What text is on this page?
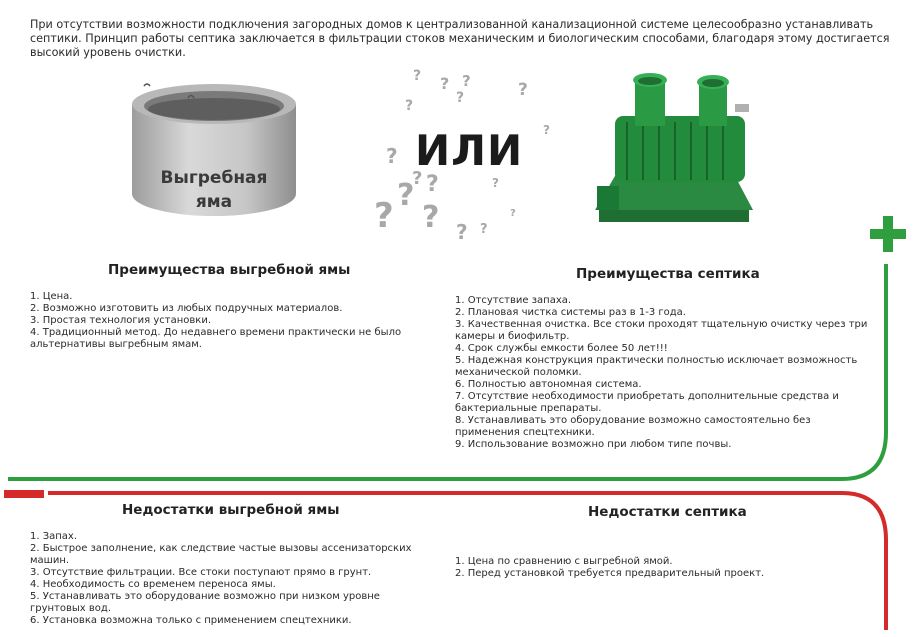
При отсутствии возможности подключения загородных домов к централизованной канализационной системе целесообразно устанавливать септики. Принцип работы септика заключается в фильтрации стоков механическим и биологическим способами, благодаря этому достигается высокий уровень очистки.
Выгребная
яма
? ? ?
?	?
?
?
?
?
? ?
? ? ? ?
?
?
ИЛИ
Преимущества выгребной ямы
1. Цена.
2. Возможно изготовить из любых подручных материалов.
3. Простая технология установки.
4. Традиционный метод. До недавнего времени практически не было альтернативы выгребным ямам.
Преимущества септика
1. Отсутствие запаха.
2. Плановая чистка системы раз в 1-3 года.
3. Качественная очистка. Все стоки проходят тщательную очистку через три камеры и биофильтр.
4. Срок службы емкости более 50 лет!!!
5. Надежная конструкция практически полностью исключает возможность механической поломки.
6. Полностью автономная система.
7. Отсутствие необходимости приобретать дополнительные средства и бактериальные препараты.
8. Устанавливать это оборудование возможно самостоятельно без применения спецтехники.
9. Использование возможно при любом типе почвы.
Недостатки выгребной ямы
1. Запах.
2. Быстрое заполнение, как следствие частые вызовы ассенизаторских машин.
3. Отсутствие фильтрации. Все стоки поступают прямо в грунт.
4. Необходимость со временем переноса ямы.
5. Устанавливать это оборудование возможно при низком уровне грунтовых вод.
6. Установка возможна только с применением спецтехники.
Недостатки септика
1. Цена по сравнению с выгребной ямой.
2. Перед установкой требуется предварительный проект.
